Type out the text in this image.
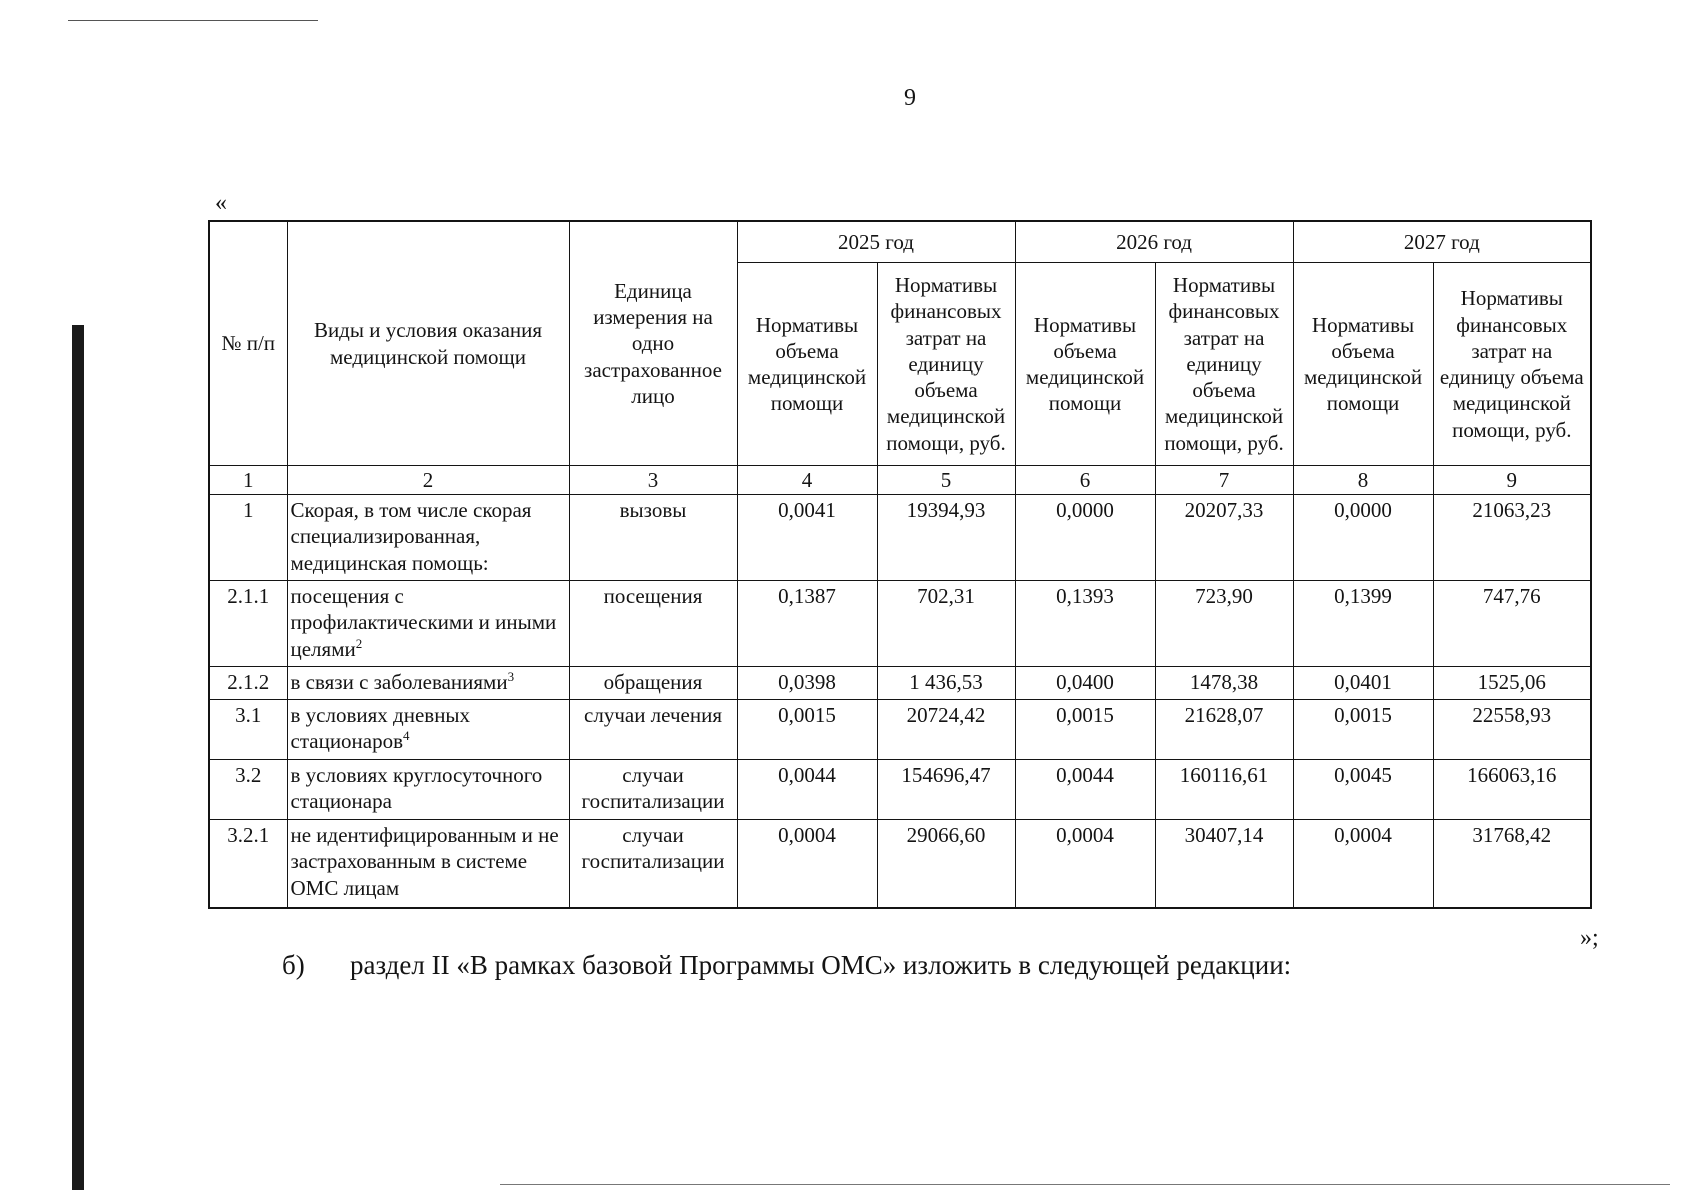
9
«
№ п/п	Виды и условия оказания медицинской помощи	Единица измерения на одно застрахованное лицо	2025 год		2026 год		2027 год	
			Нормативы объема медицинской помощи	Нормативы финансовых затрат на единицу объема медицинской помощи, руб.	Нормативы объема медицинской помощи	Нормативы финансовых затрат на единицу объема медицинской помощи, руб.	Нормативы объема медицинской помощи	Нормативы финансовых затрат на единицу объема медицинской помощи, руб.
1	2	3	4	5	6	7	8	9
1	Скорая, в том числе скорая специализированная, медицинская помощь:	вызовы	0,0041	19394,93	0,0000	20207,33	0,0000	21063,23
2.1.1	посещения с профилактическими и иными целями$^2$	посещения	0,1387	702,31	0,1393	723,90	0,1399	747,76
2.1.2	в связи с заболеваниями$^3$	обращения	0,0398	1 436,53	0,0400	1478,38	0,0401	1525,06
3.1	в условиях дневных стационаров$^4$	случаи лечения	0,0015	20724,42	0,0015	21628,07	0,0015	22558,93
3.2	в условиях круглосуточного стационара	случаи госпитализации	0,0044	154696,47	0,0044	160116,61	0,0045	166063,16
3.2.1	не идентифицированным и не застрахованным в системе ОМС лицам	случаи госпитализации	0,0004	29066,60	0,0004	30407,14	0,0004	31768,42
»;
б) раздел II «В рамках базовой Программы ОМС» изложить в следующей редакции:
